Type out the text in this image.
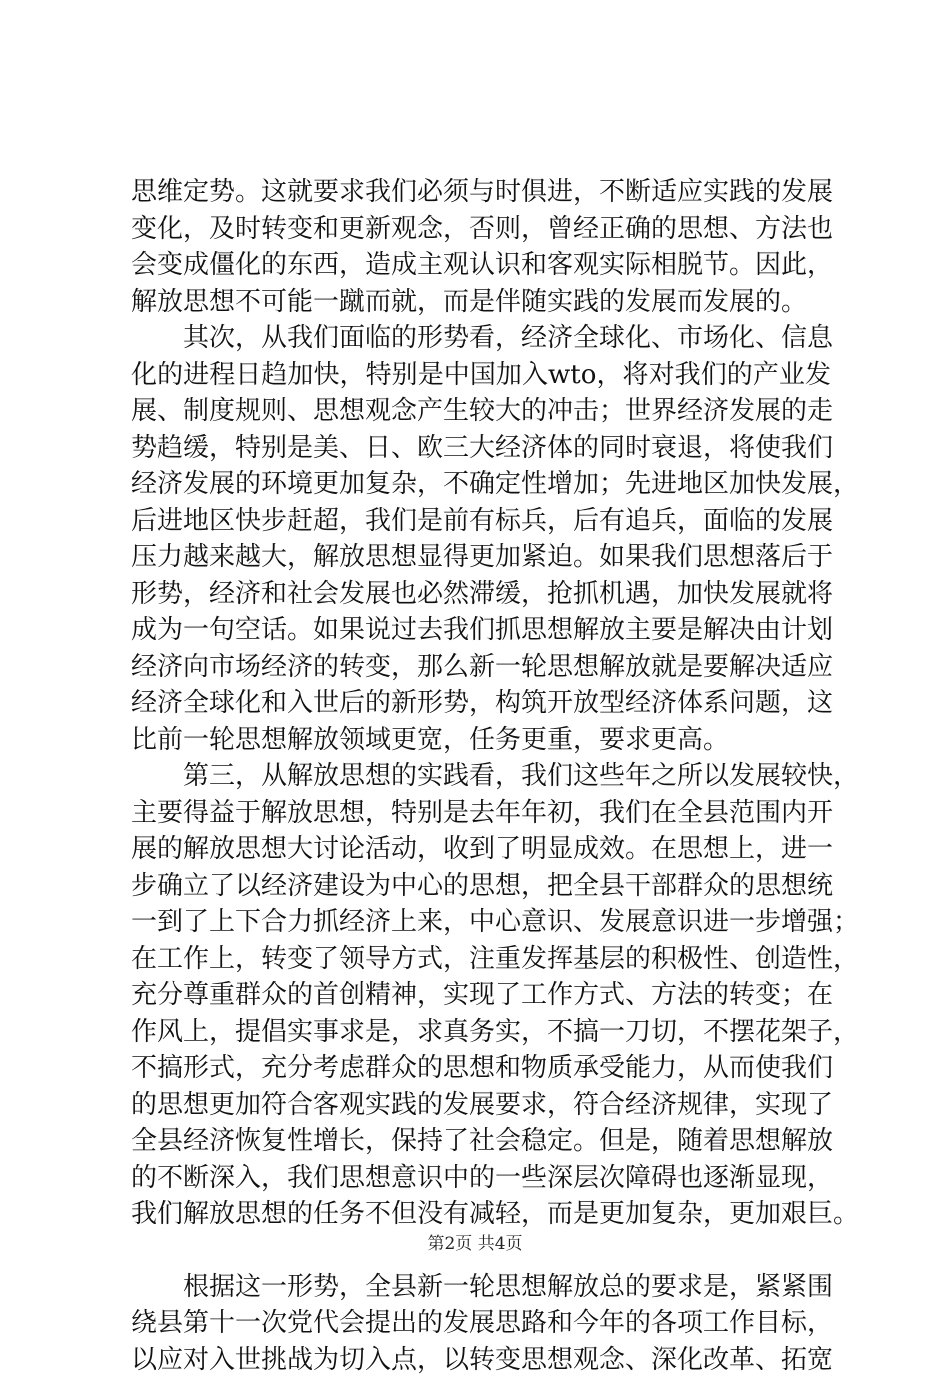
思维定势。这就要求我们必须与时俱进，不断适应实践的发展
变化，及时转变和更新观念，否则，曾经正确的思想、方法也
会变成僵化的东西，造成主观认识和客观实际相脱节。因此，
解放思想不可能一蹴而就，而是伴随实践的发展而发展的。
其次，从我们面临的形势看，经济全球化、市场化、信息
化的进程日趋加快，特别是中国加入wto，将对我们的产业发
展、制度规则、思想观念产生较大的冲击；世界经济发展的走
势趋缓，特别是美、日、欧三大经济体的同时衰退，将使我们
经济发展的环境更加复杂，不确定性增加；先进地区加快发展，
后进地区快步赶超，我们是前有标兵，后有追兵，面临的发展
压力越来越大，解放思想显得更加紧迫。如果我们思想落后于
形势，经济和社会发展也必然滞缓，抢抓机遇，加快发展就将
成为一句空话。如果说过去我们抓思想解放主要是解决由计划
经济向市场经济的转变，那么新一轮思想解放就是要解决适应
经济全球化和入世后的新形势，构筑开放型经济体系问题，这
比前一轮思想解放领域更宽，任务更重，要求更高。
第三，从解放思想的实践看，我们这些年之所以发展较快，
主要得益于解放思想，特别是去年年初，我们在全县范围内开
展的解放思想大讨论活动，收到了明显成效。在思想上，进一
步确立了以经济建设为中心的思想，把全县干部群众的思想统
一到了上下合力抓经济上来，中心意识、发展意识进一步增强；
在工作上，转变了领导方式，注重发挥基层的积极性、创造性，
充分尊重群众的首创精神，实现了工作方式、方法的转变；在
作风上，提倡实事求是，求真务实，不搞一刀切，不摆花架子，
不搞形式，充分考虑群众的思想和物质承受能力，从而使我们
的思想更加符合客观实践的发展要求，符合经济规律，实现了
全县经济恢复性增长，保持了社会稳定。但是，随着思想解放
的不断深入，我们思想意识中的一些深层次障碍也逐渐显现，
我们解放思想的任务不但没有减轻，而是更加复杂，更加艰巨。
根据这一形势，全县新一轮思想解放总的要求是，紧紧围
绕县第十一次党代会提出的发展思路和今年的各项工作目标，
以应对入世挑战为切入点，以转变思想观念、深化改革、拓宽
第2页 共4页
